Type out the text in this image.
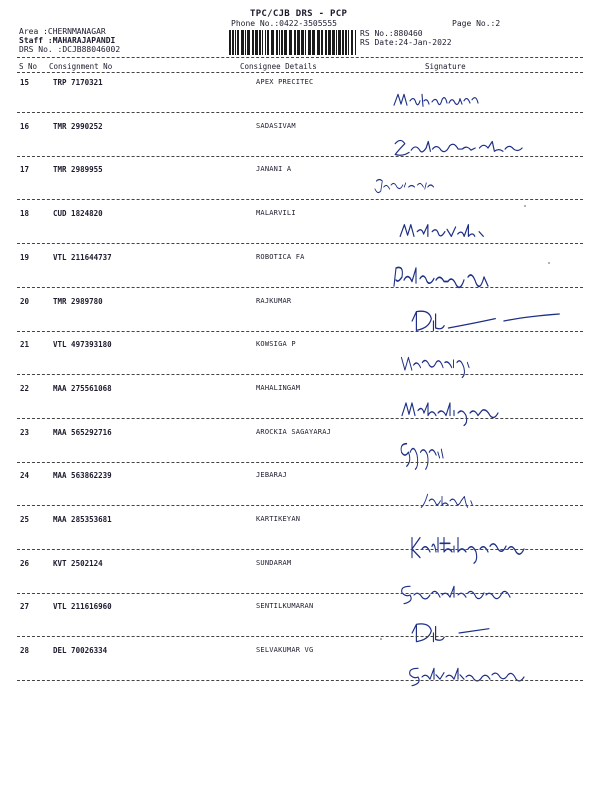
TPC/CJB DRS - PCP
Phone No.:0422-3505555	Page No.:2
Area :CHERNMANAGAR
Staff :MAHARAJAPANDI
DRS No. :DCJB88046002
RS No.:880460
RS Date:24-Jan-2022
S No Consignment No	Consignee Details	Signature
15	TRP 7170321	APEX PRECITEC
16	TMR 2990252	SADASIVAM
17	TMR 2989955	JANANI A
18	CUD 1824820	MALARVILI
19	VTL 211644737	ROBOTICA FA
20	TMR 2989780	RAJKUMAR
21	VTL 497393180	KOWSIGA P
22	MAA 275561068	MAHALINGAM
23	MAA 565292716	AROCKIA SAGAYARAJ
24	MAA 563862239	JEBARAJ
25	MAA 285353681	KARTIKEYAN
26	KVT 2502124	SUNDARAM
27	VTL 211616960	SENTILKUMARAN
28	DEL 70026334	SELVAKUMAR VG
